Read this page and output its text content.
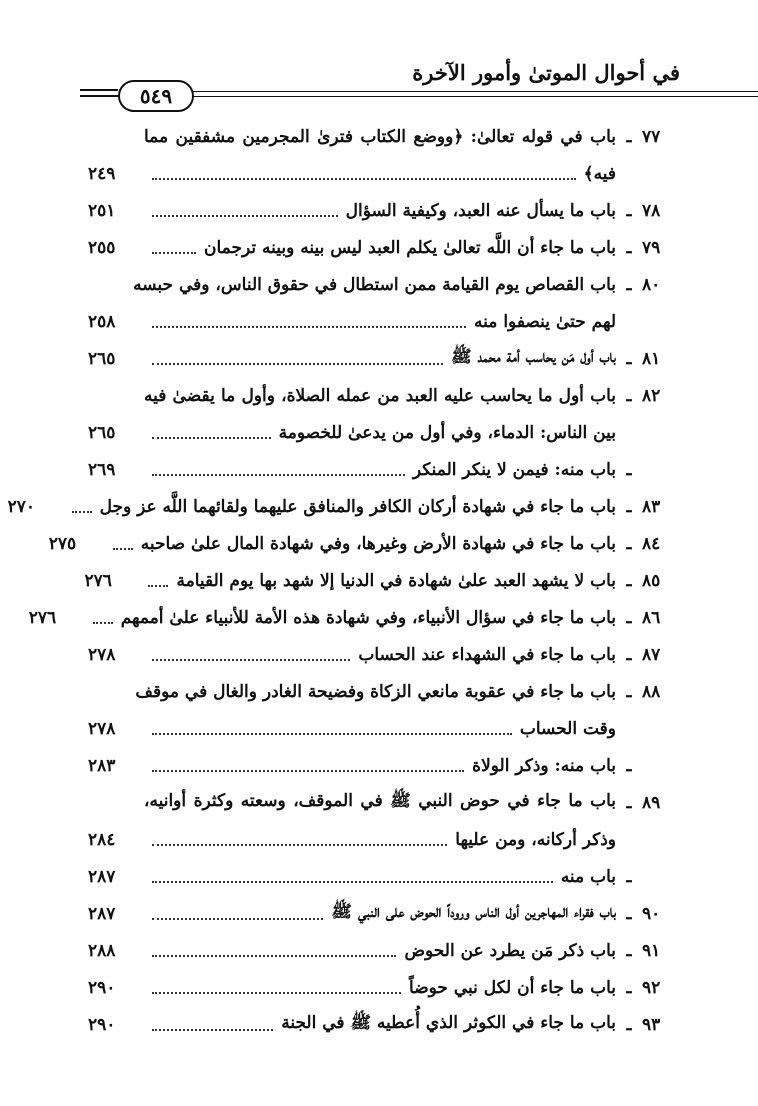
في أحوال الموتىٰ وأمور الآخرة
٥٤٩
٧٧
ـ
باب في قوله تعالىٰ: ﴿ووضع الكتاب فترىٰ المجرمين مشفقين مما
فيه﴾
٢٤٩
٧٨
ـ
باب ما يسأل عنه العبد، وكيفية السؤال
٢٥١
٧٩
ـ
باب ما جاء أن اللَّه تعالىٰ يكلم العبد ليس بينه وبينه ترجمان
٢٥٥
٨٠
ـ
باب القصاص يوم القيامة ممن استطال في حقوق الناس، وفي حبسه
لهم حتىٰ ينصفوا منه
٢٥٨
٨١
ـ
باب أول مَن يحاسب أمة محمد ﷺ
٢٦٥
٨٢
ـ
باب أول ما يحاسب عليه العبد من عمله الصلاة، وأول ما يقضىٰ فيه
بين الناس: الدماء، وفي أول من يدعىٰ للخصومة
٢٦٥
ـ
باب منه: فيمن لا ينكر المنكر
٢٦٩
٨٣
ـ
باب ما جاء في شهادة أركان الكافر والمنافق عليهما ولقائهما اللَّه عز وجل
٢٧٠
٨٤
ـ
باب ما جاء في شهادة الأرض وغيرها، وفي شهادة المال علىٰ صاحبه
٢٧٥
٨٥
ـ
باب لا يشهد العبد علىٰ شهادة في الدنيا إلا شهد بها يوم القيامة
٢٧٦
٨٦
ـ
باب ما جاء في سؤال الأنبياء، وفي شهادة هذه الأمة للأنبياء علىٰ أممهم
٢٧٦
٨٧
ـ
باب ما جاء في الشهداء عند الحساب
٢٧٨
٨٨
ـ
باب ما جاء في عقوبة مانعي الزكاة وفضيحة الغادر والغال في موقف
وقت الحساب
٢٧٨
ـ
باب منه: وذكر الولاة
٢٨٣
٨٩
ـ
باب ما جاء في حوض النبي ﷺ في الموقف، وسعته وكثرة أوانيه،
وذكر أركانه، ومن عليها
٢٨٤
ـ
باب منه
٢٨٧
٩٠
ـ
باب فقراء المهاجرين أول الناس وروداً الحوض على النبي ﷺ
٢٨٧
٩١
ـ
باب ذكر مَن يطرد عن الحوض
٢٨٨
٩٢
ـ
باب ما جاء أن لكل نبي حوضاً
٢٩٠
٩٣
ـ
باب ما جاء في الكوثر الذي أُعطيه ﷺ في الجنة
٢٩٠
